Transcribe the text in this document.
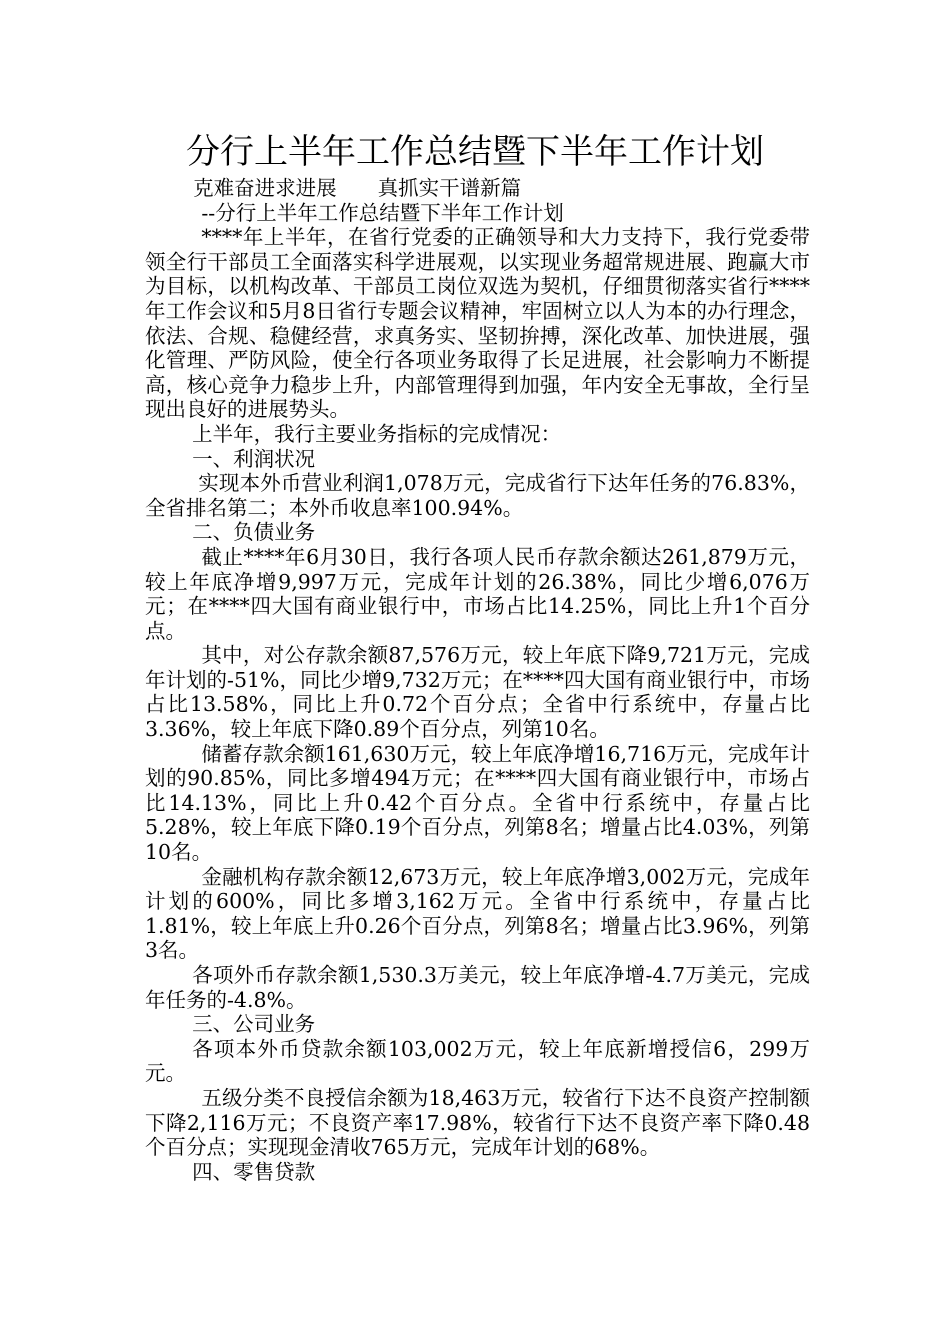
分行上半年工作总结暨下半年工作计划

克难奋进求进展　　真抓实干谱新篇

--分行上半年工作总结暨下半年工作计划

****年上半年，在省行党委的正确领导和大力支持下，我行党委带领全行干部员工全面落实科学进展观，以实现业务超常规进展、跑赢大市为目标，以机构改革、干部员工岗位双选为契机，仔细贯彻落实省行****年工作会议和5月8日省行专题会议精神，牢固树立以人为本的办行理念，依法、合规、稳健经营，求真务实、坚韧拚搏，深化改革、加快进展，强化管理、严防风险，使全行各项业务取得了长足进展，社会影响力不断提高，核心竞争力稳步上升，内部管理得到加强，年内安全无事故，全行呈现出良好的进展势头。

上半年，我行主要业务指标的完成情况：

一、利润状况

实现本外币营业利润1,078万元，完成省行下达年任务的76.83%，全省排名第二；本外币收息率100.94%。

二、负债业务

截止****年6月30日，我行各项人民币存款余额达261,879万元，较上年底净增9,997万元，完成年计划的26.38%，同比少增6,076万元；在****四大国有商业银行中，市场占比14.25%，同比上升1个百分点。

其中，对公存款余额87,576万元，较上年底下降9,721万元，完成年计划的-51%，同比少增9,732万元；在****四大国有商业银行中，市场占比13.58%，同比上升0.72个百分点；全省中行系统中，存量占比3.36%，较上年底下降0.89个百分点，列第10名。

储蓄存款余额161,630万元，较上年底净增16,716万元，完成年计划的90.85%，同比多增494万元；在****四大国有商业银行中，市场占比14.13%，同比上升0.42个百分点。全省中行系统中，存量占比5.28%，较上年底下降0.19个百分点，列第8名；增量占比4.03%，列第10名。

金融机构存款余额12,673万元，较上年底净增3,002万元，完成年计划的600%，同比多增3,162万元。全省中行系统中，存量占比1.81%，较上年底上升0.26个百分点，列第8名；增量占比3.96%，列第3名。

各项外币存款余额1,530.3万美元，较上年底净增-4.7万美元，完成年任务的-4.8%。

三、公司业务

各项本外币贷款余额103,002万元，较上年底新增授信6，299万元。

五级分类不良授信余额为18,463万元，较省行下达不良资产控制额下降2,116万元；不良资产率17.98%，较省行下达不良资产率下降0.48个百分点；实现现金清收765万元，完成年计划的68%。

四、零售贷款
